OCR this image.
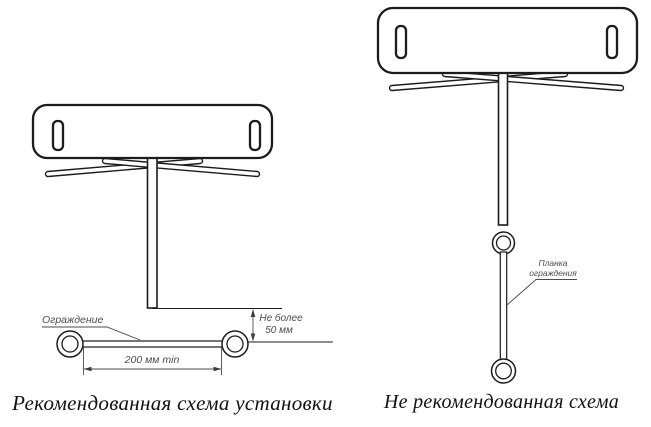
Ограждение	Не более
50 мм
200 мм min
Планка
ограждения
Рекомендованная схема установки	Не рекомендованная схема
